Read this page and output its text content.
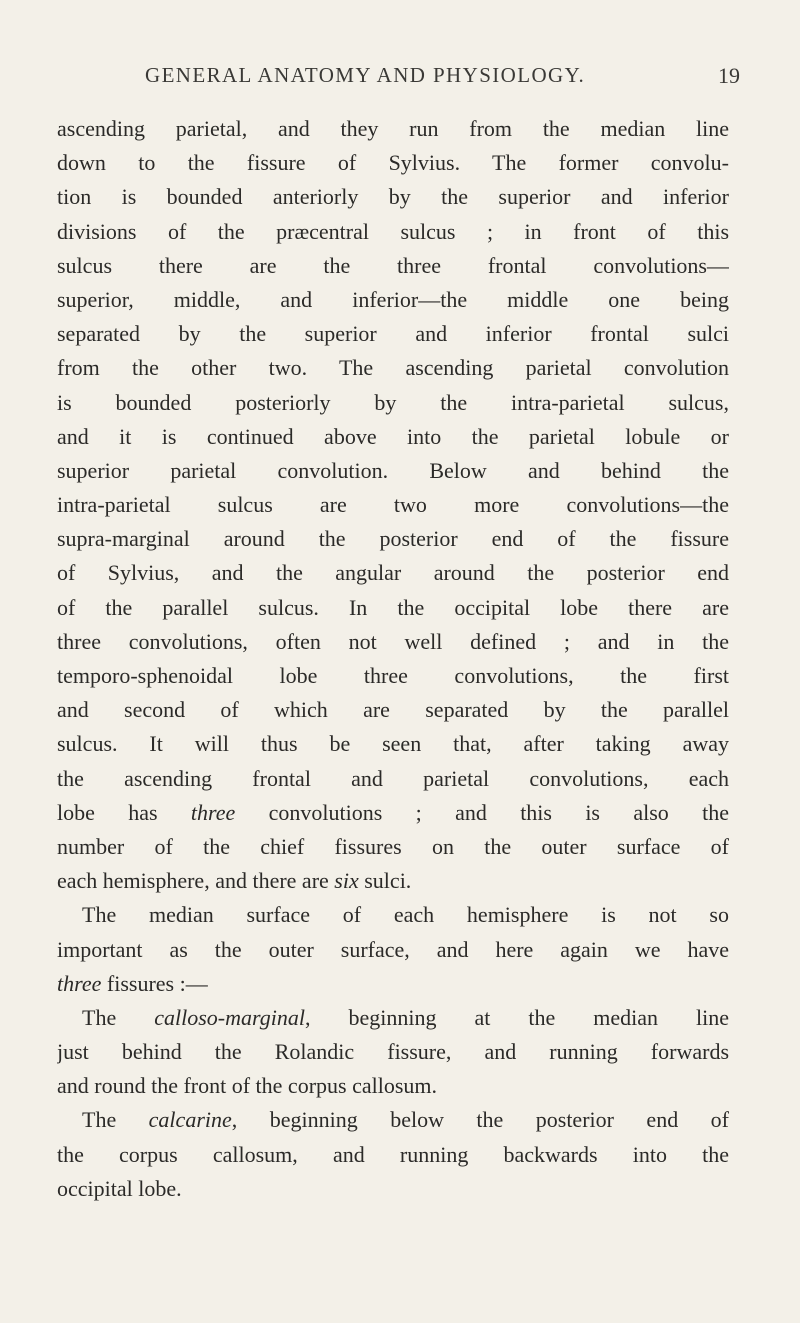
GENERAL ANATOMY AND PHYSIOLOGY.	19
ascending parietal, and they run from the median line
down to the fissure of Sylvius. The former convolu-
tion is bounded anteriorly by the superior and inferior
divisions of the præcentral sulcus ; in front of this
sulcus there are the three frontal convolutions—
superior, middle, and inferior—the middle one being
separated by the superior and inferior frontal sulci
from the other two. The ascending parietal convolution
is bounded posteriorly by the intra-parietal sulcus,
and it is continued above into the parietal lobule or
superior parietal convolution. Below and behind the
intra-parietal sulcus are two more convolutions—the
supra-marginal around the posterior end of the fissure
of Sylvius, and the angular around the posterior end
of the parallel sulcus. In the occipital lobe there are
three convolutions, often not well defined ; and in the
temporo-sphenoidal lobe three convolutions, the first
and second of which are separated by the parallel
sulcus. It will thus be seen that, after taking away
the ascending frontal and parietal convolutions, each
lobe has three convolutions ; and this is also the
number of the chief fissures on the outer surface of
each hemisphere, and there are six sulci.
The median surface of each hemisphere is not so
important as the outer surface, and here again we have
three fissures :—
The calloso-marginal, beginning at the median line
just behind the Rolandic fissure, and running forwards
and round the front of the corpus callosum.
The calcarine, beginning below the posterior end of
the corpus callosum, and running backwards into the
occipital lobe.
